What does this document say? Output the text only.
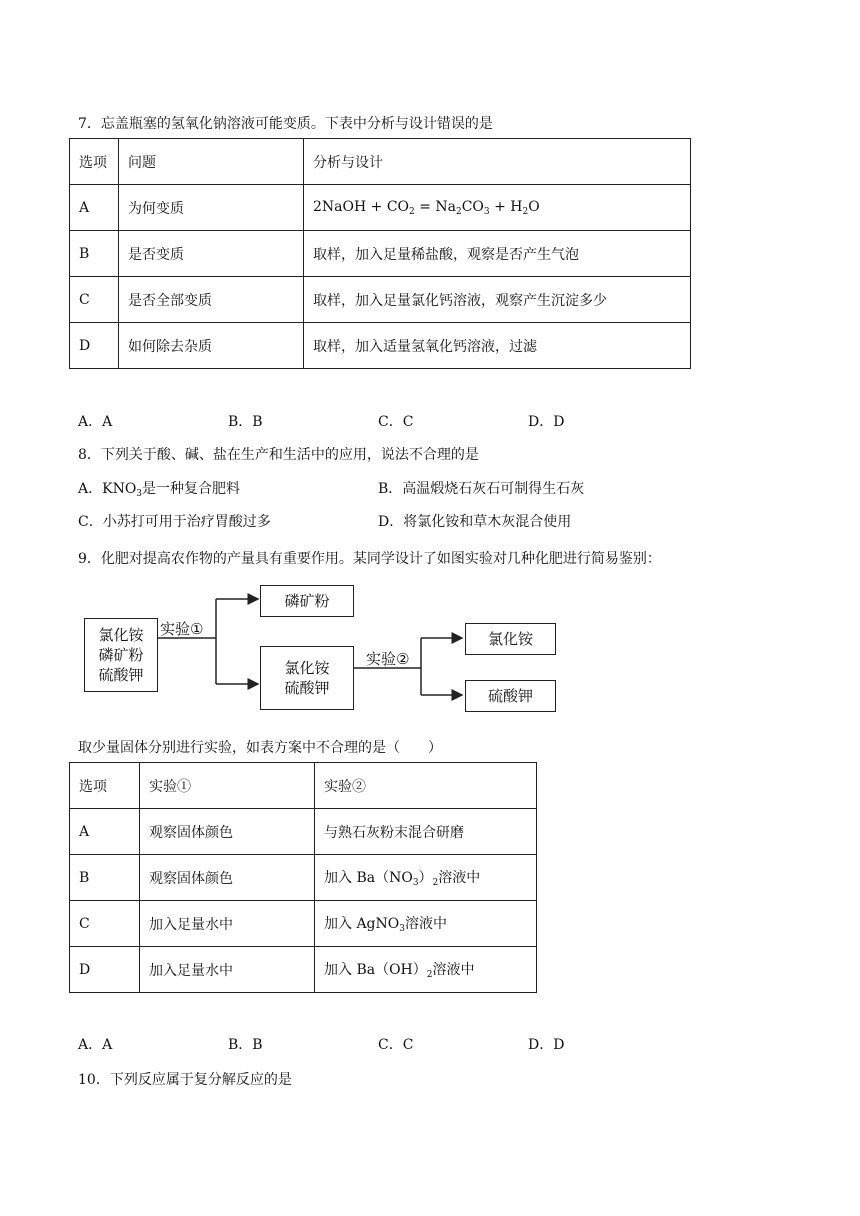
7．忘盖瓶塞的氢氧化钠溶液可能变质。下表中分析与设计错误的是
选项	问题	分析与设计
A	为何变质	2NaOH + $CO_2 = Na_2CO_3 + H_2O$
B	是否变质	取样，加入足量稀盐酸，观察是否产生气泡
C	是否全部变质	取样，加入足量氯化钙溶液，观察产生沉淀多少
D	如何除去杂质	取样，加入适量氢氧化钙溶液，过滤
A．A	B．B	C．C	D．D
8．下列关于酸、碱、盐在生产和生活中的应用，说法不合理的是
A．$KNO_3$是一种复合肥料	B．高温煅烧石灰石可制得生石灰
C．小苏打可用于治疗胃酸过多	D．将氯化铵和草木灰混合使用
9．化肥对提高农作物的产量具有重要作用。某同学设计了如图实验对几种化肥进行简易鉴别：
氯化铵
磷矿粉
硫酸钾
实验①
磷矿粉
氯化铵
硫酸钾
实验②
氯化铵
硫酸钾
取少量固体分别进行实验，如表方案中不合理的是（　　）
选项	实验①	实验②
A	观察固体颜色	与熟石灰粉末混合研磨
B	观察固体颜色	加入 $Ba(NO_3)_2$溶液中
C	加入足量水中	加入 AgNO$_3$溶液中
D	加入足量水中	加入 $Ba(OH)_2$溶液中
A．A	B．B	C．C	D．D
10．下列反应属于复分解反应的是
